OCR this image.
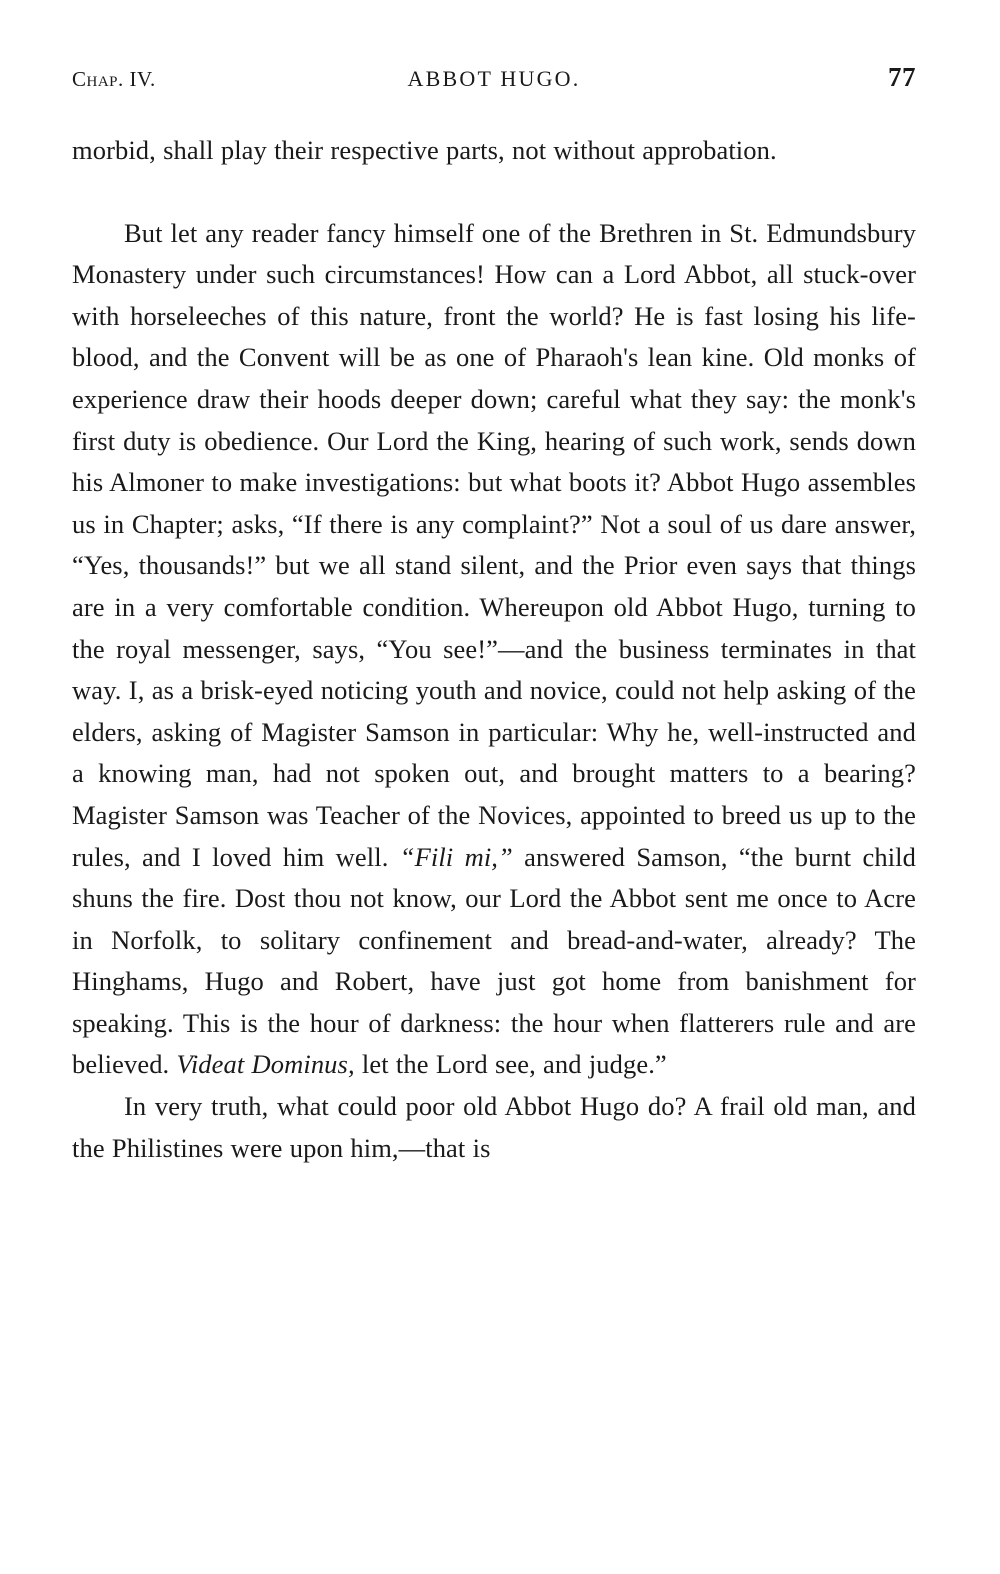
Chap. IV.	ABBOT HUGO.	77

morbid, shall play their respective parts, not without approbation.

But let any reader fancy himself one of the Brethren in St. Edmundsbury Monastery under such circumstances! How can a Lord Abbot, all stuck-over with horseleeches of this nature, front the world? He is fast losing his life-blood, and the Convent will be as one of Pharaoh's lean kine. Old monks of experience draw their hoods deeper down; careful what they say: the monk's first duty is obedience. Our Lord the King, hearing of such work, sends down his Almoner to make investigations: but what boots it? Abbot Hugo assembles us in Chapter; asks, “If there is any complaint?” Not a soul of us dare answer, “Yes, thousands!” but we all stand silent, and the Prior even says that things are in a very comfortable condition. Whereupon old Abbot Hugo, turning to the royal messenger, says, “You see!”—and the business terminates in that way. I, as a brisk-eyed noticing youth and novice, could not help asking of the elders, asking of Magister Samson in particular: Why he, well-instructed and a knowing man, had not spoken out, and brought matters to a bearing? Magister Samson was Teacher of the Novices, appointed to breed us up to the rules, and I loved him well. “Fili mi,” answered Samson, “the burnt child shuns the fire. Dost thou not know, our Lord the Abbot sent me once to Acre in Norfolk, to solitary confinement and bread-and-water, already? The Hinghams, Hugo and Robert, have just got home from banishment for speaking. This is the hour of darkness: the hour when flatterers rule and are believed. Videat Dominus, let the Lord see, and judge.”

In very truth, what could poor old Abbot Hugo do? A frail old man, and the Philistines were upon him,—that is
